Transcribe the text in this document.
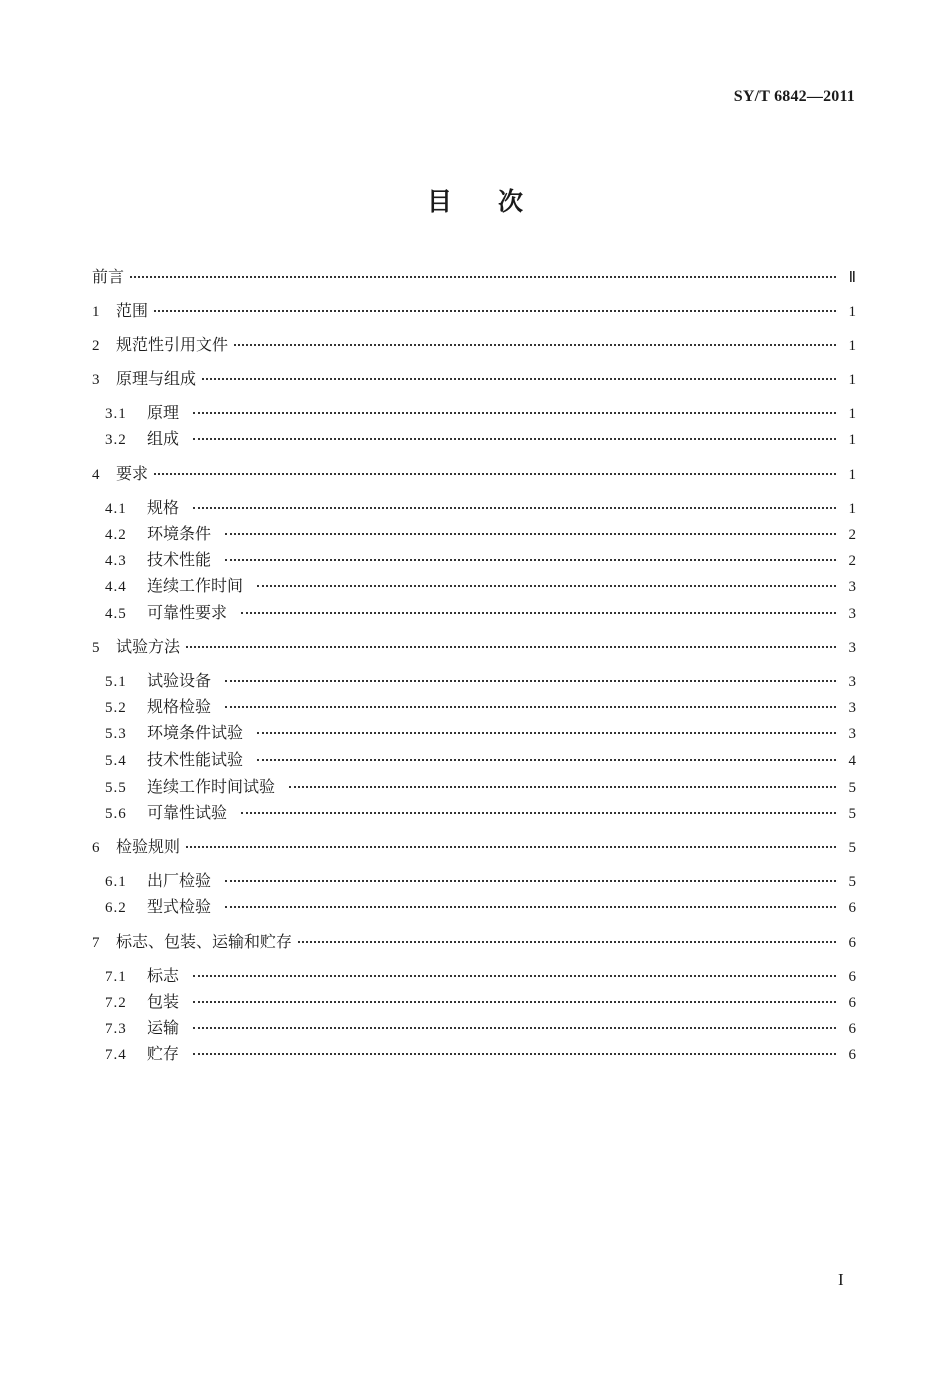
SY/T 6842—2011
目次
前言	Ⅱ
1	范围	1
2	规范性引用文件	1
3	原理与组成	1
3.1	原理	1
3.2	组成	1
4	要求	1
4.1	规格	1
4.2	环境条件	2
4.3	技术性能	2
4.4	连续工作时间	3
4.5	可靠性要求	3
5	试验方法	3
5.1	试验设备	3
5.2	规格检验	3
5.3	环境条件试验	3
5.4	技术性能试验	4
5.5	连续工作时间试验	5
5.6	可靠性试验	5
6	检验规则	5
6.1	出厂检验	5
6.2	型式检验	6
7	标志、包装、运输和贮存	6
7.1	标志	6
7.2	包装	6
7.3	运输	6
7.4	贮存	6
I
